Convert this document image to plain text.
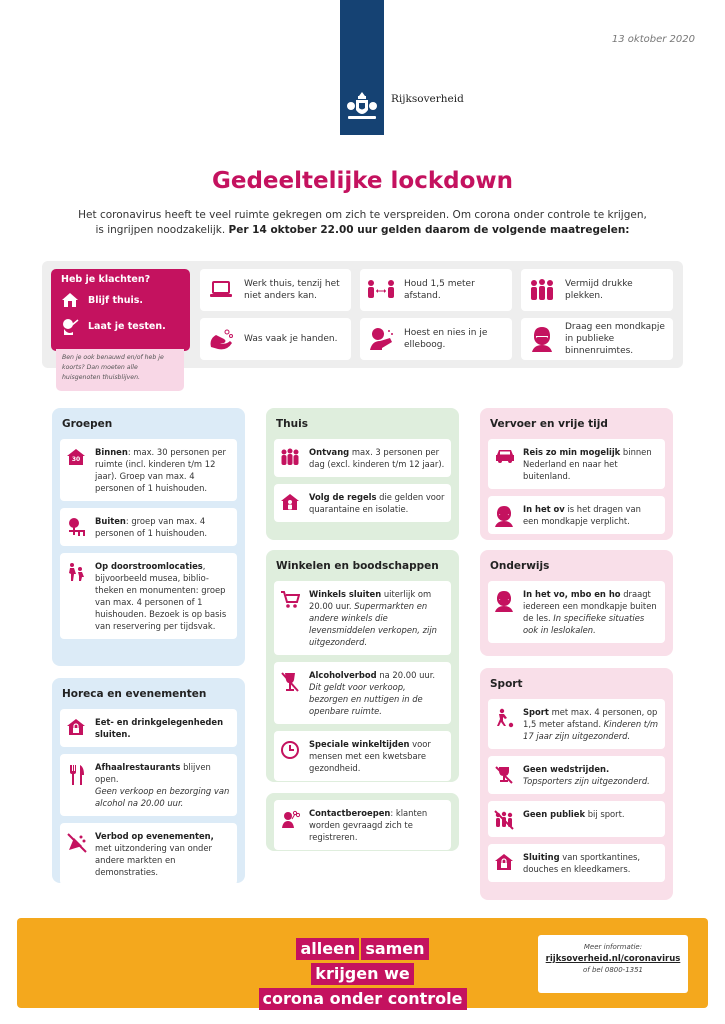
Rijksoverheid
13 oktober 2020
Gedeeltelijke lockdown
Het coronavirus heeft te veel ruimte gekregen om zich te verspreiden. Om corona onder controle te krijgen,
is ingrijpen noodzakelijk. Per 14 oktober 22.00 uur gelden daarom de volgende maatregelen:
Heb je klachten?
Blijf thuis.
Laat je testen.
Ben je ook benauwd en/of heb je koorts? Dan moeten alle huisgenoten thuisblijven.
Werk thuis, tenzij het niet anders kan.
Houd 1,5 meter afstand.
Vermijd drukke plekken.
Was vaak je handen.
Hoest en nies in je elleboog.
Draag een mondkapje in publieke binnenruimtes.
Groepen
30
Binnen: max. 30 personen per ruimte (incl. kinderen t/m 12 jaar). Groep van max. 4 personen of 1 huishouden.
Buiten: groep van max. 4 personen of 1 huishouden.
Op doorstroomlocaties, bijvoorbeeld musea, biblio-theken en monumenten: groep van max. 4 personen of 1 huishouden. Bezoek is op basis van reservering per tijdsvak.
Horeca en evenementen
Eet- en drinkgelegenheden sluiten.
Afhaalrestaurants blijven open.
Geen verkoop en bezorging van alcohol na 20.00 uur.
Verbod op evenementen, met uitzondering van onder andere markten en demonstraties.
Thuis
Ontvang max. 3 personen per dag (excl. kinderen t/m 12 jaar).
Volg de regels die gelden voor quarantaine en isolatie.
Winkelen en boodschappen
Winkels sluiten uiterlijk om 20.00 uur. Supermarkten en andere winkels die levensmiddelen verkopen, zijn uitgezonderd.
Alcoholverbod na 20.00 uur.
Dit geldt voor verkoop, bezorgen en nuttigen in de openbare ruimte.
Speciale winkeltijden voor mensen met een kwetsbare gezondheid.
Contactberoepen: klanten worden gevraagd zich te registreren.
Vervoer en vrije tijd
Reis zo min mogelijk binnen Nederland en naar het buitenland.
In het ov is het dragen van een mondkapje verplicht.
Onderwijs
In het vo, mbo en ho draagt iedereen een mondkapje buiten de les. In specifieke situaties ook in leslokalen.
Sport
Sport met max. 4 personen, op 1,5 meter afstand. Kinderen t/m 17 jaar zijn uitgezonderd.
Geen wedstrijden. Topsporters zijn uitgezonderd.
Geen publiek bij sport.
Sluiting van sportkantines, douches en kleedkamers.
alleen samenkrijgen we
corona onder controle
Meer informatie:
rijksoverheid.nl/coronavirus
of bel 0800-1351
